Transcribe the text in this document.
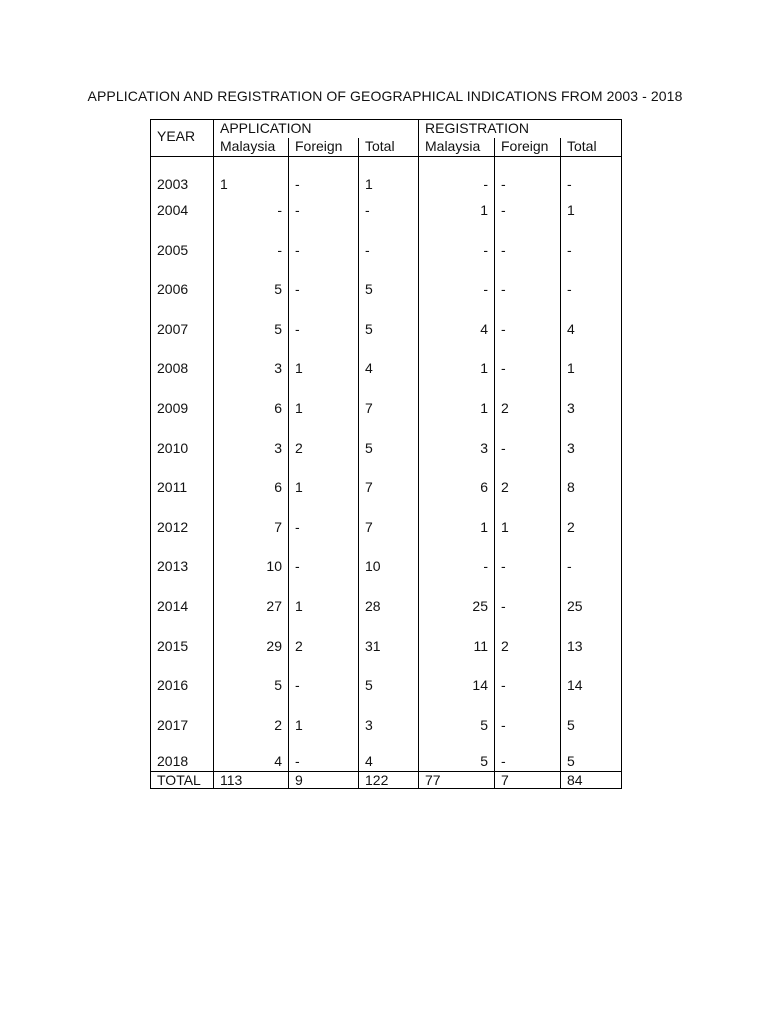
APPLICATION AND REGISTRATION OF GEOGRAPHICAL INDICATIONS FROM 2003 - 2018
YEAR	APPLICATION			REGISTRATION		
	Malaysia	Foreign	Total	Malaysia	Foreign	Total
2003	1	-	1	-	-	-
2004	-	-	-	1	-	1
2005	-	-	-	-	-	-
2006	5	-	5	-	-	-
2007	5	-	5	4	-	4
2008	3	1	4	1	-	1
2009	6	1	7	1	2	3
2010	3	2	5	3	-	3
2011	6	1	7	6	2	8
2012	7	-	7	1	1	2
2013	10	-	10	-	-	-
2014	27	1	28	25	-	25
2015	29	2	31	11	2	13
2016	5	-	5	14	-	14
2017	2	1	3	5	-	5
2018	4	-	4	5	-	5
TOTAL	113	9	122	77	7	84
